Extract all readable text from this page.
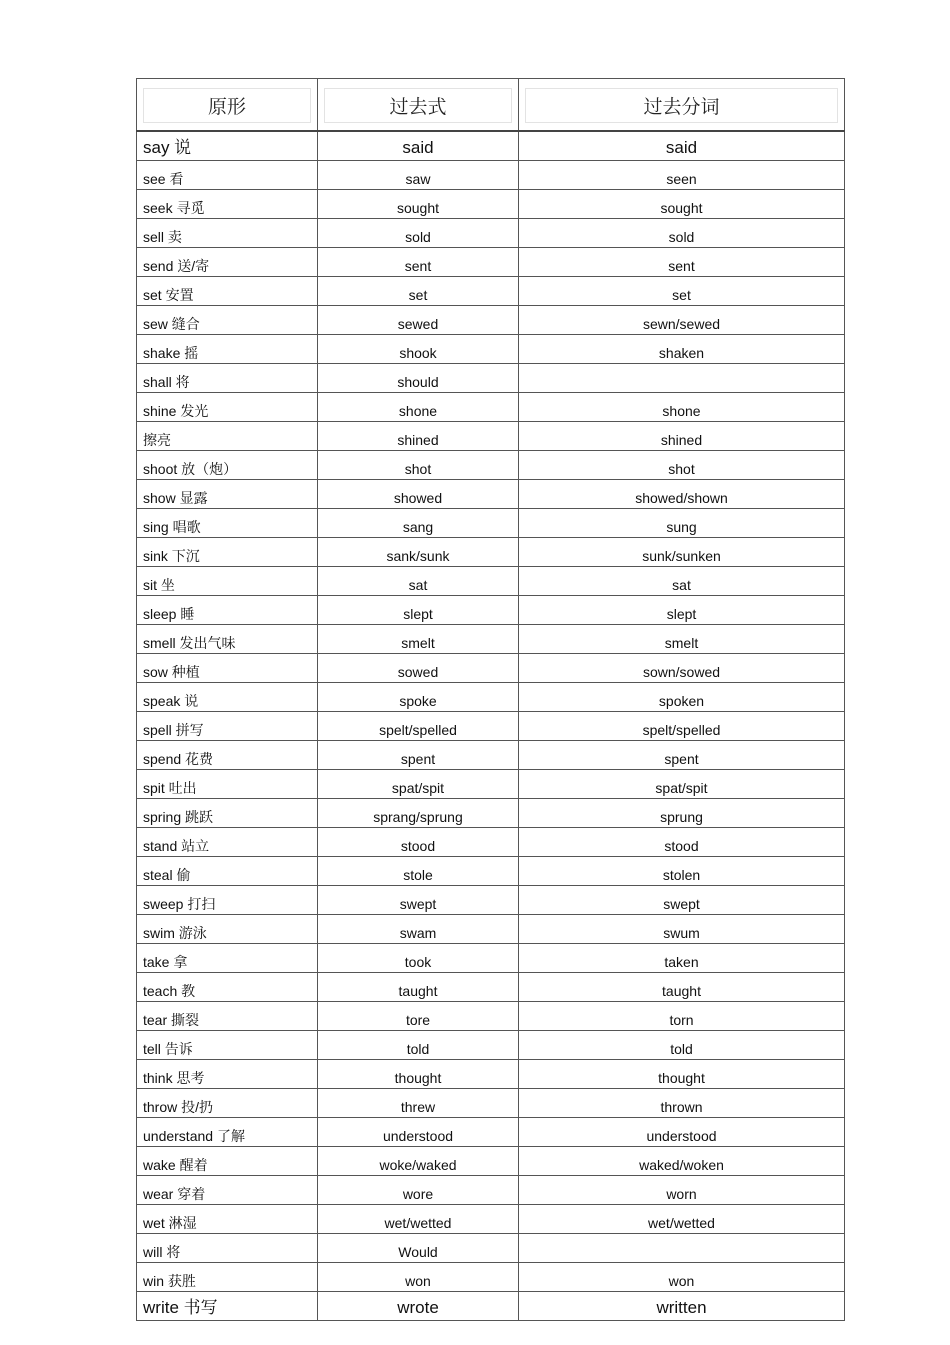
原形	过去式	过去分词

say 说	said	said
see 看	saw	seen
seek 寻觅	sought	sought
sell 卖	sold	sold
send 送/寄	sent	sent
set 安置	set	set
sew 缝合	sewed	sewn/sewed
shake 摇	shook	shaken
shall 将	should	
shine 发光	shone	shone
擦亮	shined	shined
shoot 放（炮）	shot	shot
show 显露	showed	showed/shown
sing 唱歌	sang	sung
sink 下沉	sank/sunk	sunk/sunken
sit 坐	sat	sat
sleep 睡	slept	slept
smell 发出气味	smelt	smelt
sow 种植	sowed	sown/sowed
speak 说	spoke	spoken
spell 拼写	spelt/spelled	spelt/spelled
spend 花费	spent	spent
spit 吐出	spat/spit	spat/spit
spring 跳跃	sprang/sprung	sprung
stand 站立	stood	stood
steal 偷	stole	stolen
sweep 打扫	swept	swept
swim 游泳	swam	swum
take 拿	took	taken
teach 教	taught	taught
tear 撕裂	tore	torn
tell 告诉	told	told
think 思考	thought	thought
throw 投/扔	threw	thrown
understand 了解	understood	understood
wake 醒着	woke/waked	waked/woken
wear 穿着	wore	worn
wet 淋湿	wet/wetted	wet/wetted
will 将	Would	
win 获胜	won	won
write 书写	wrote	written
